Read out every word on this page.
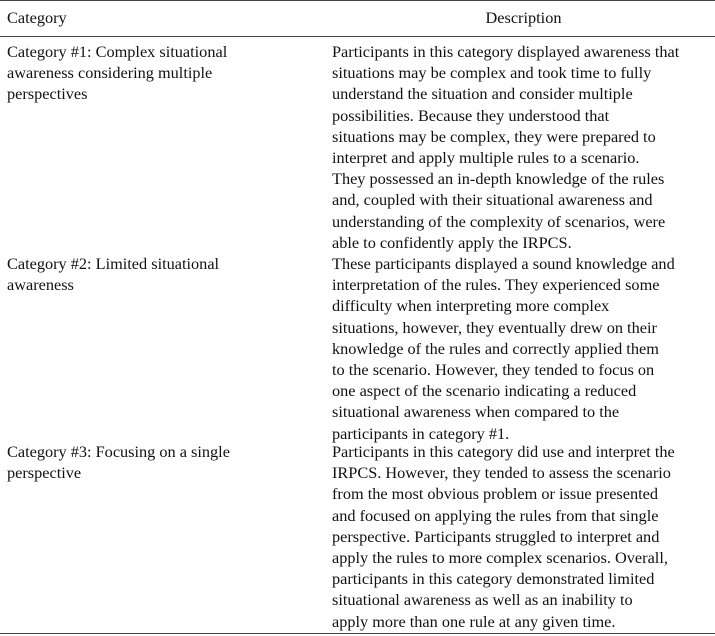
Category	Description
Category #1: Complex situational
awareness considering multiple
perspectives
Participants in this category displayed awareness that
situations may be complex and took time to fully
understand the situation and consider multiple
possibilities. Because they understood that
situations may be complex, they were prepared to
interpret and apply multiple rules to a scenario.
They possessed an in-depth knowledge of the rules
and, coupled with their situational awareness and
understanding of the complexity of scenarios, were
able to confidently apply the IRPCS.
Category #2: Limited situational
awareness
These participants displayed a sound knowledge and
interpretation of the rules. They experienced some
difficulty when interpreting more complex
situations, however, they eventually drew on their
knowledge of the rules and correctly applied them
to the scenario. However, they tended to focus on
one aspect of the scenario indicating a reduced
situational awareness when compared to the
participants in category #1.
Category #3: Focusing on a single
perspective
Participants in this category did use and interpret the
IRPCS. However, they tended to assess the scenario
from the most obvious problem or issue presented
and focused on applying the rules from that single
perspective. Participants struggled to interpret and
apply the rules to more complex scenarios. Overall,
participants in this category demonstrated limited
situational awareness as well as an inability to
apply more than one rule at any given time.
